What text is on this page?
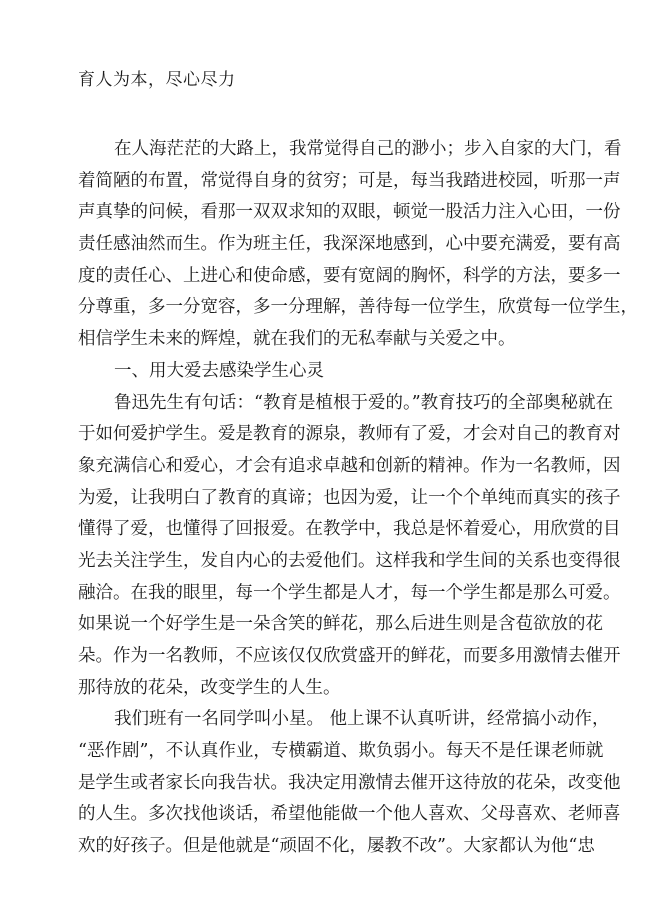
育人为本，尽心尽力
在人海茫茫的大路上，我常觉得自己的渺小；步入自家的大门，看
着简陋的布置，常觉得自身的贫穷；可是，每当我踏进校园，听那一声
声真挚的问候，看那一双双求知的双眼，顿觉一股活力注入心田，一份
责任感油然而生。作为班主任，我深深地感到，心中要充满爱，要有高
度的责任心、上进心和使命感，要有宽阔的胸怀，科学的方法，要多一
分尊重，多一分宽容，多一分理解，善待每一位学生，欣赏每一位学生，
相信学生未来的辉煌，就在我们的无私奉献与关爱之中。
一、用大爱去感染学生心灵
鲁迅先生有句话：“教育是植根于爱的。”教育技巧的全部奥秘就在
于如何爱护学生。爱是教育的源泉，教师有了爱，才会对自己的教育对
象充满信心和爱心，才会有追求卓越和创新的精神。作为一名教师，因
为爱，让我明白了教育的真谛；也因为爱，让一个个单纯而真实的孩子
懂得了爱，也懂得了回报爱。在教学中，我总是怀着爱心，用欣赏的目
光去关注学生，发自内心的去爱他们。这样我和学生间的关系也变得很
融洽。在我的眼里，每一个学生都是人才，每一个学生都是那么可爱。
如果说一个好学生是一朵含笑的鲜花，那么后进生则是含苞欲放的花
朵。作为一名教师，不应该仅仅欣赏盛开的鲜花，而要多用激情去催开
那待放的花朵，改变学生的人生。
我们班有一名同学叫小星。 他上课不认真听讲，经常搞小动作，
“恶作剧”，不认真作业，专横霸道、欺负弱小。每天不是任课老师就
是学生或者家长向我告状。我决定用激情去催开这待放的花朵，改变他
的人生。多次找他谈话，希望他能做一个他人喜欢、父母喜欢、老师喜
欢的好孩子。但是他就是“顽固不化，屡教不改”。大家都认为他“忠
